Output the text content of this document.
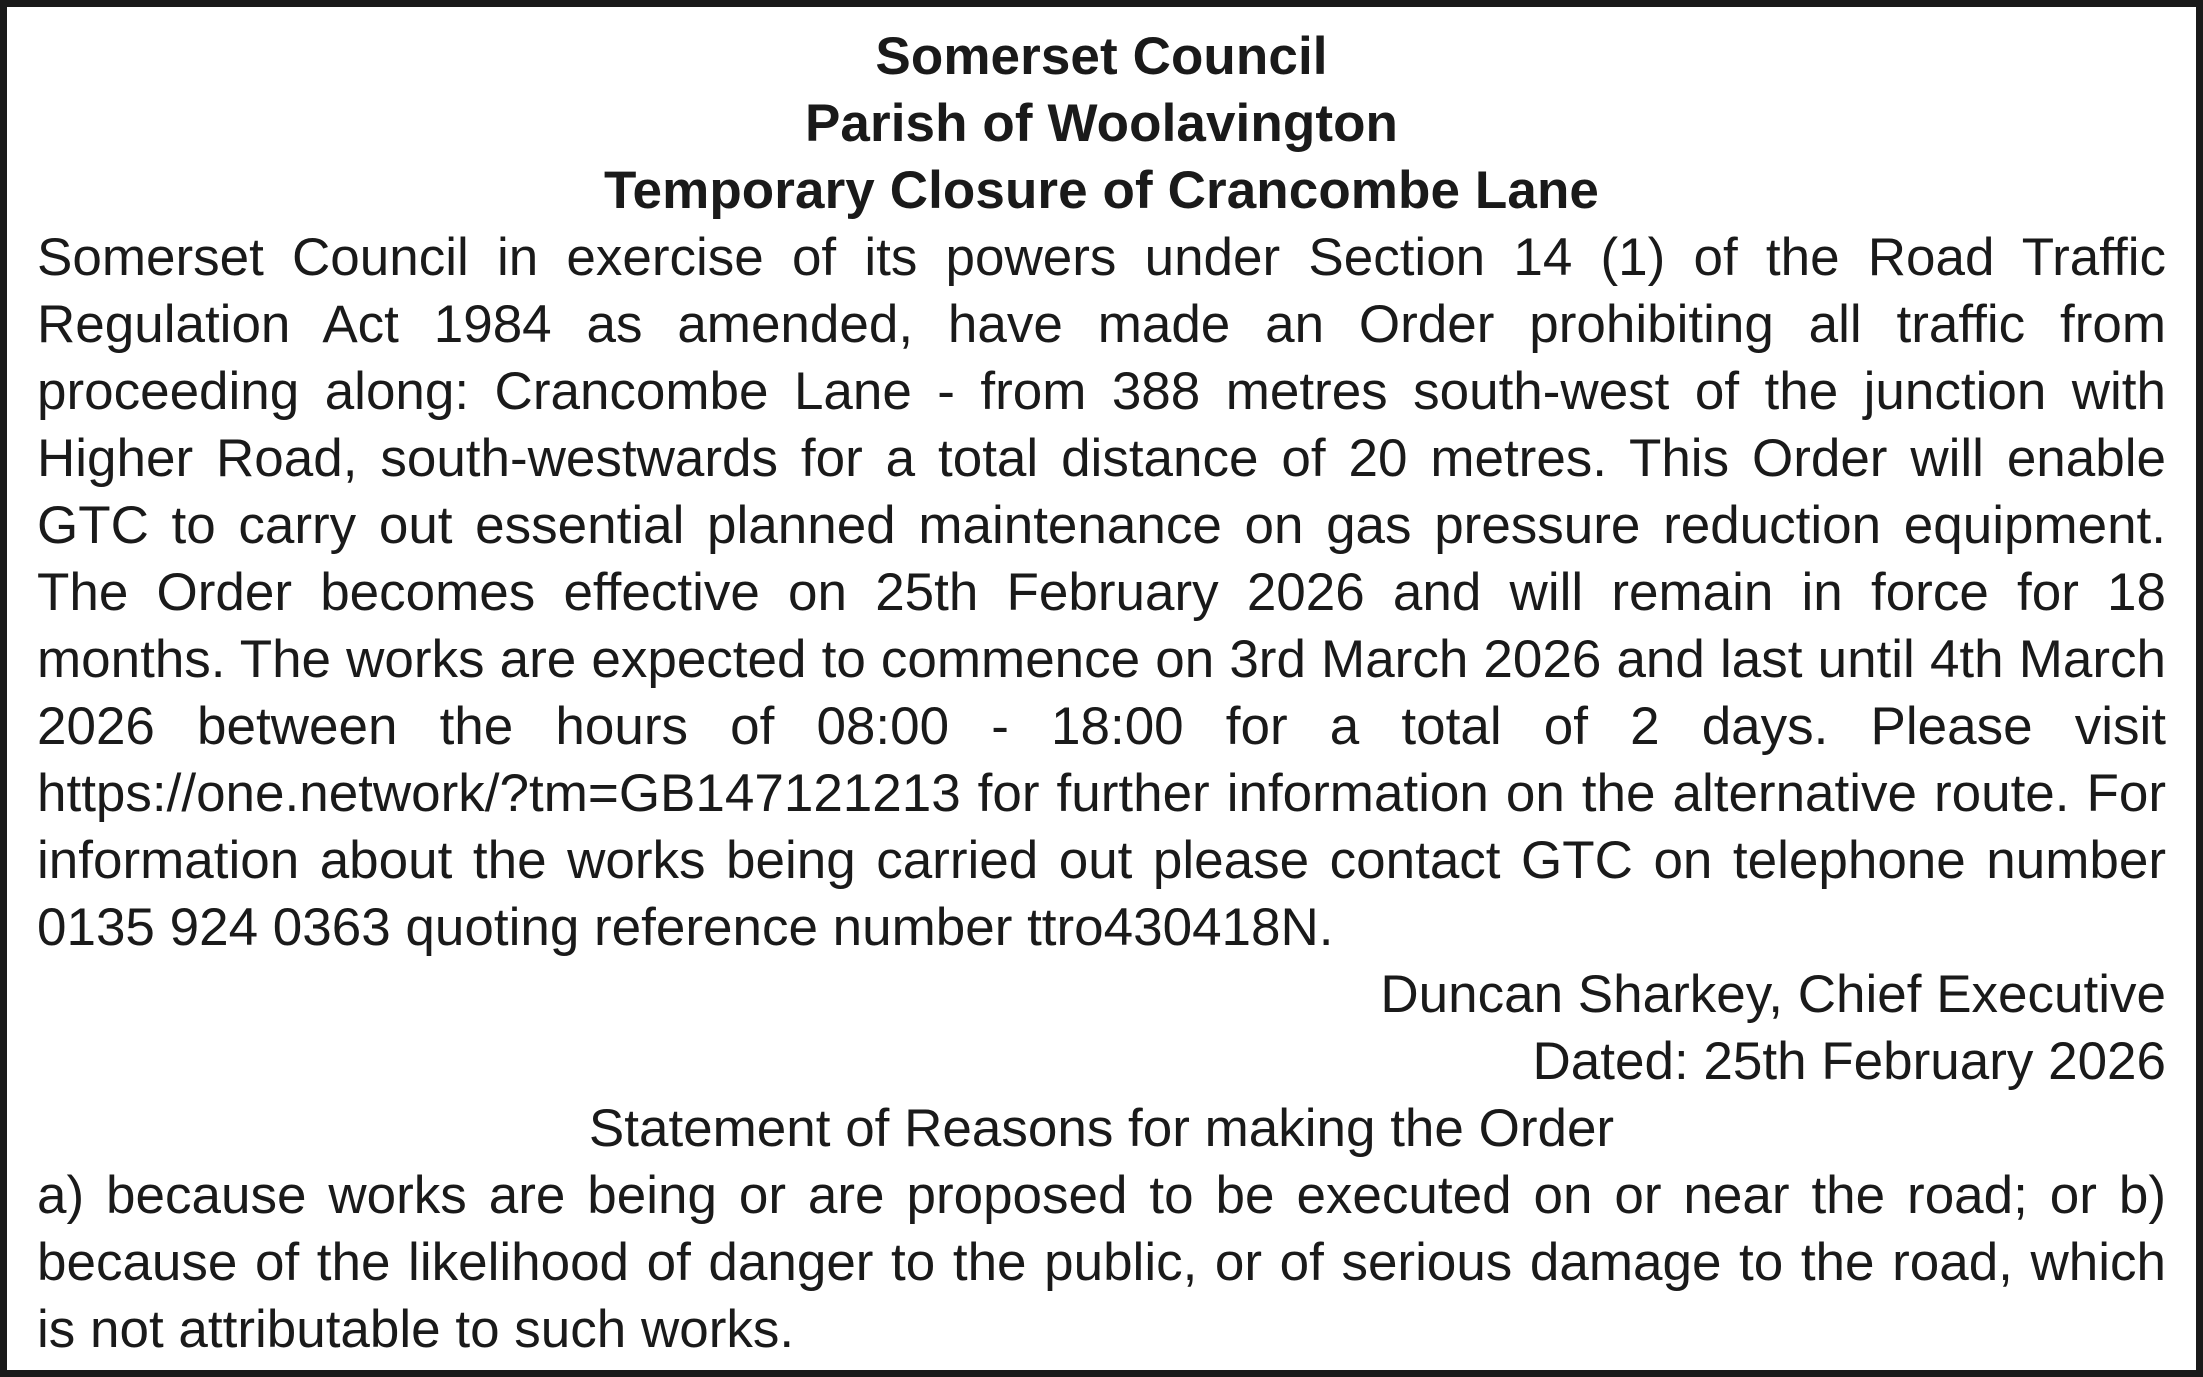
Somerset Council
Parish of Woolavington
Temporary Closure of Crancombe Lane

Somerset Council in exercise of its powers under Section 14 (1) of the Road Traffic Regulation Act 1984 as amended, have made an Order prohibiting all traffic from proceeding along: Crancombe Lane - from 388 metres south-west of the junction with Higher Road, south-westwards for a total distance of 20 metres. This Order will enable GTC to carry out essential planned maintenance on gas pressure reduction equipment. The Order becomes effective on 25th February 2026 and will remain in force for 18 months. The works are expected to commence on 3rd March 2026 and last until 4th March 2026 between the hours of 08:00 - 18:00 for a total of 2 days. Please visit https://one.network/?tm=GB147121213 for further information on the alternative route. For information about the works being carried out please contact GTC on telephone number 0135 924 0363 quoting reference number ttro430418N.

Duncan Sharkey, Chief Executive
Dated: 25th February 2026
Statement of Reasons for making the Order

a) because works are being or are proposed to be executed on or near the road; or b) because of the likelihood of danger to the public, or of serious damage to the road, which is not attributable to such works.
